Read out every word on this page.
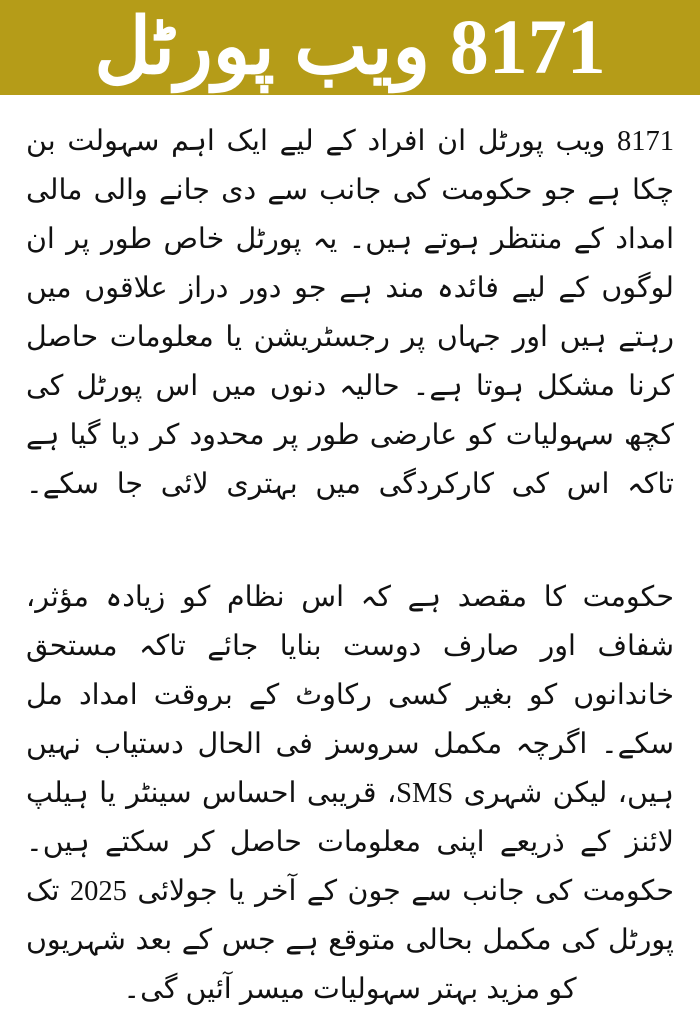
8171 ویب پورٹل

8171 ویب پورٹل ان افراد کے لیے ایک اہم سہولت بن چکا ہے جو حکومت کی جانب سے دی جانے والی مالی امداد کے منتظر ہوتے ہیں۔ یہ پورٹل خاص طور پر ان لوگوں کے لیے فائدہ مند ہے جو دور دراز علاقوں میں رہتے ہیں اور جہاں پر رجسٹریشن یا معلومات حاصل کرنا مشکل ہوتا ہے۔ حالیہ دنوں میں اس پورٹل کی کچھ سہولیات کو عارضی طور پر محدود کر دیا گیا ہے تاکہ اس کی کارکردگی میں بہتری لائی جا سکے۔

حکومت کا مقصد ہے کہ اس نظام کو زیادہ مؤثر، شفاف اور صارف دوست بنایا جائے تاکہ مستحق خاندانوں کو بغیر کسی رکاوٹ کے بروقت امداد مل سکے۔ اگرچہ مکمل سروسز فی الحال دستیاب نہیں ہیں، لیکن شہری SMS، قریبی احساس سینٹر یا ہیلپ لائنز کے ذریعے اپنی معلومات حاصل کر سکتے ہیں۔ حکومت کی جانب سے جون کے آخر یا جولائی 2025 تک پورٹل کی مکمل بحالی متوقع ہے جس کے بعد شہریوں کو مزید بہتر سہولیات میسر آئیں گی۔
